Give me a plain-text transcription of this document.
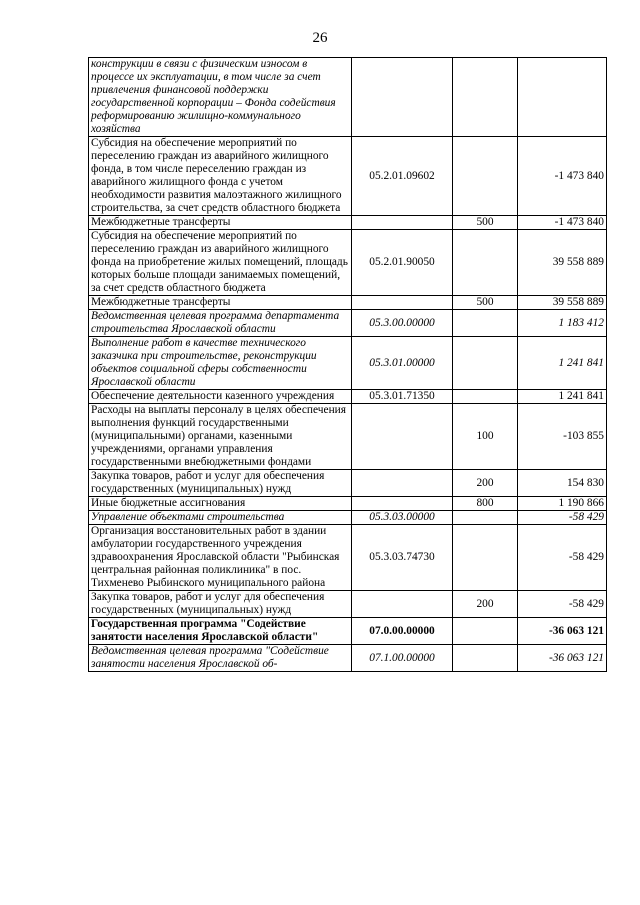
26
конструкции в связи с физическим износом в процессе их эксплуатации, в том числе за счет привлечения финансовой поддержки государственной корпорации – Фонда содействия реформированию жилищно-коммунального хозяйства			
Субсидия на обеспечение мероприятий по переселению граждан из аварийного жилищного фонда, в том числе переселению граждан из аварийного жилищного фонда с учетом необходимости развития малоэтажного жилищного строительства, за счет средств областного бюджета	05.2.01.09602		-1 473 840
Межбюджетные трансферты		500	-1 473 840
Субсидия на обеспечение мероприятий по переселению граждан из аварийного жилищного фонда на приобретение жилых помещений, площадь которых больше площади занимаемых помещений, за счет средств областного бюджета	05.2.01.90050		39 558 889
Межбюджетные трансферты		500	39 558 889
Ведомственная целевая программа департамента строительства Ярославской области	05.3.00.00000		1 183 412
Выполнение работ в качестве технического заказчика при строительстве, реконструкции объектов социальной сферы собственности Ярославской области	05.3.01.00000		1 241 841
Обеспечение деятельности казенного учреждения	05.3.01.71350		1 241 841
Расходы на выплаты персоналу в целях обеспечения выполнения функций государственными (муниципальными) органами, казенными учреждениями, органами управления государственными внебюджетными фондами		100	-103 855
Закупка товаров, работ и услуг для обеспечения государственных (муниципальных) нужд		200	154 830
Иные бюджетные ассигнования		800	1 190 866
Управление объектами строительства	05.3.03.00000		-58 429
Организация восстановительных работ в здании амбулатории государственного учреждения здравоохранения Ярославской области "Рыбинская центральная районная поликлиника" в пос. Тихменево Рыбинского муниципального района	05.3.03.74730		-58 429
Закупка товаров, работ и услуг для обеспечения государственных (муниципальных) нужд		200	-58 429
Государственная программа "Содействие занятости населения Ярославской области"	07.0.00.00000		-36 063 121
Ведомственная целевая программа "Содействие занятости населения Ярославской об-	07.1.00.00000		-36 063 121
